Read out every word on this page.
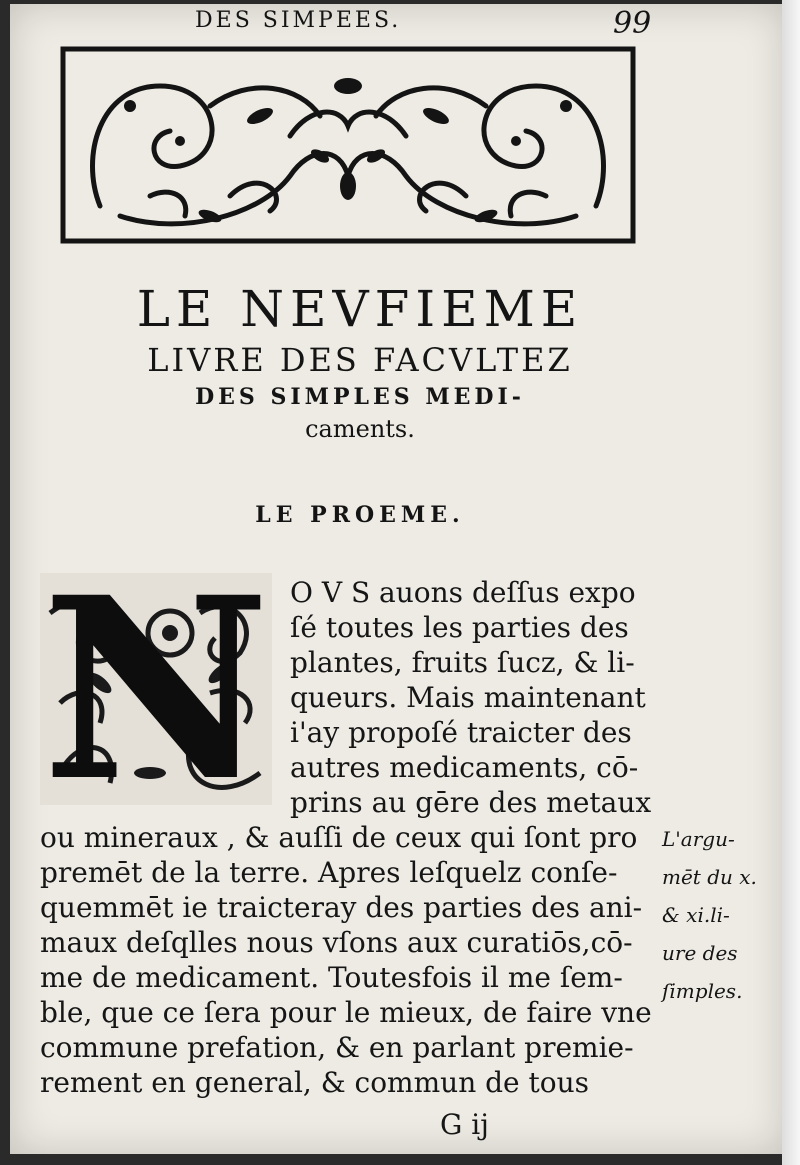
DES SIMPEES.	99
LE NEVFIEME
LIVRE DES FACVLTEZ
DES SIMPLES MEDI-
caments.
LE PROEME.
N O V S auons deſſus expo
ſé toutes les parties des
plantes, fruits ſucz, & li-
queurs. Mais maintenant
i'ay propoſé traicter des
autres medicaments, cō-
prins au gēre des metaux
ou mineraux , & auſſi de ceux qui ſont pro
premēt de la terre. Apres leſquelz conſe-
quemmēt ie traicteray des parties des ani-
maux deſqlles nous vſons aux curatiōs,cō-
me de medicament. Toutesfois il me ſem-
ble, que ce ſera pour le mieux, de faire vne
commune prefation, & en parlant premie-
rement en general, & commun de tous
L'argu-
mēt du x.
& xi.li-
ure des
ſimples.
G ij
